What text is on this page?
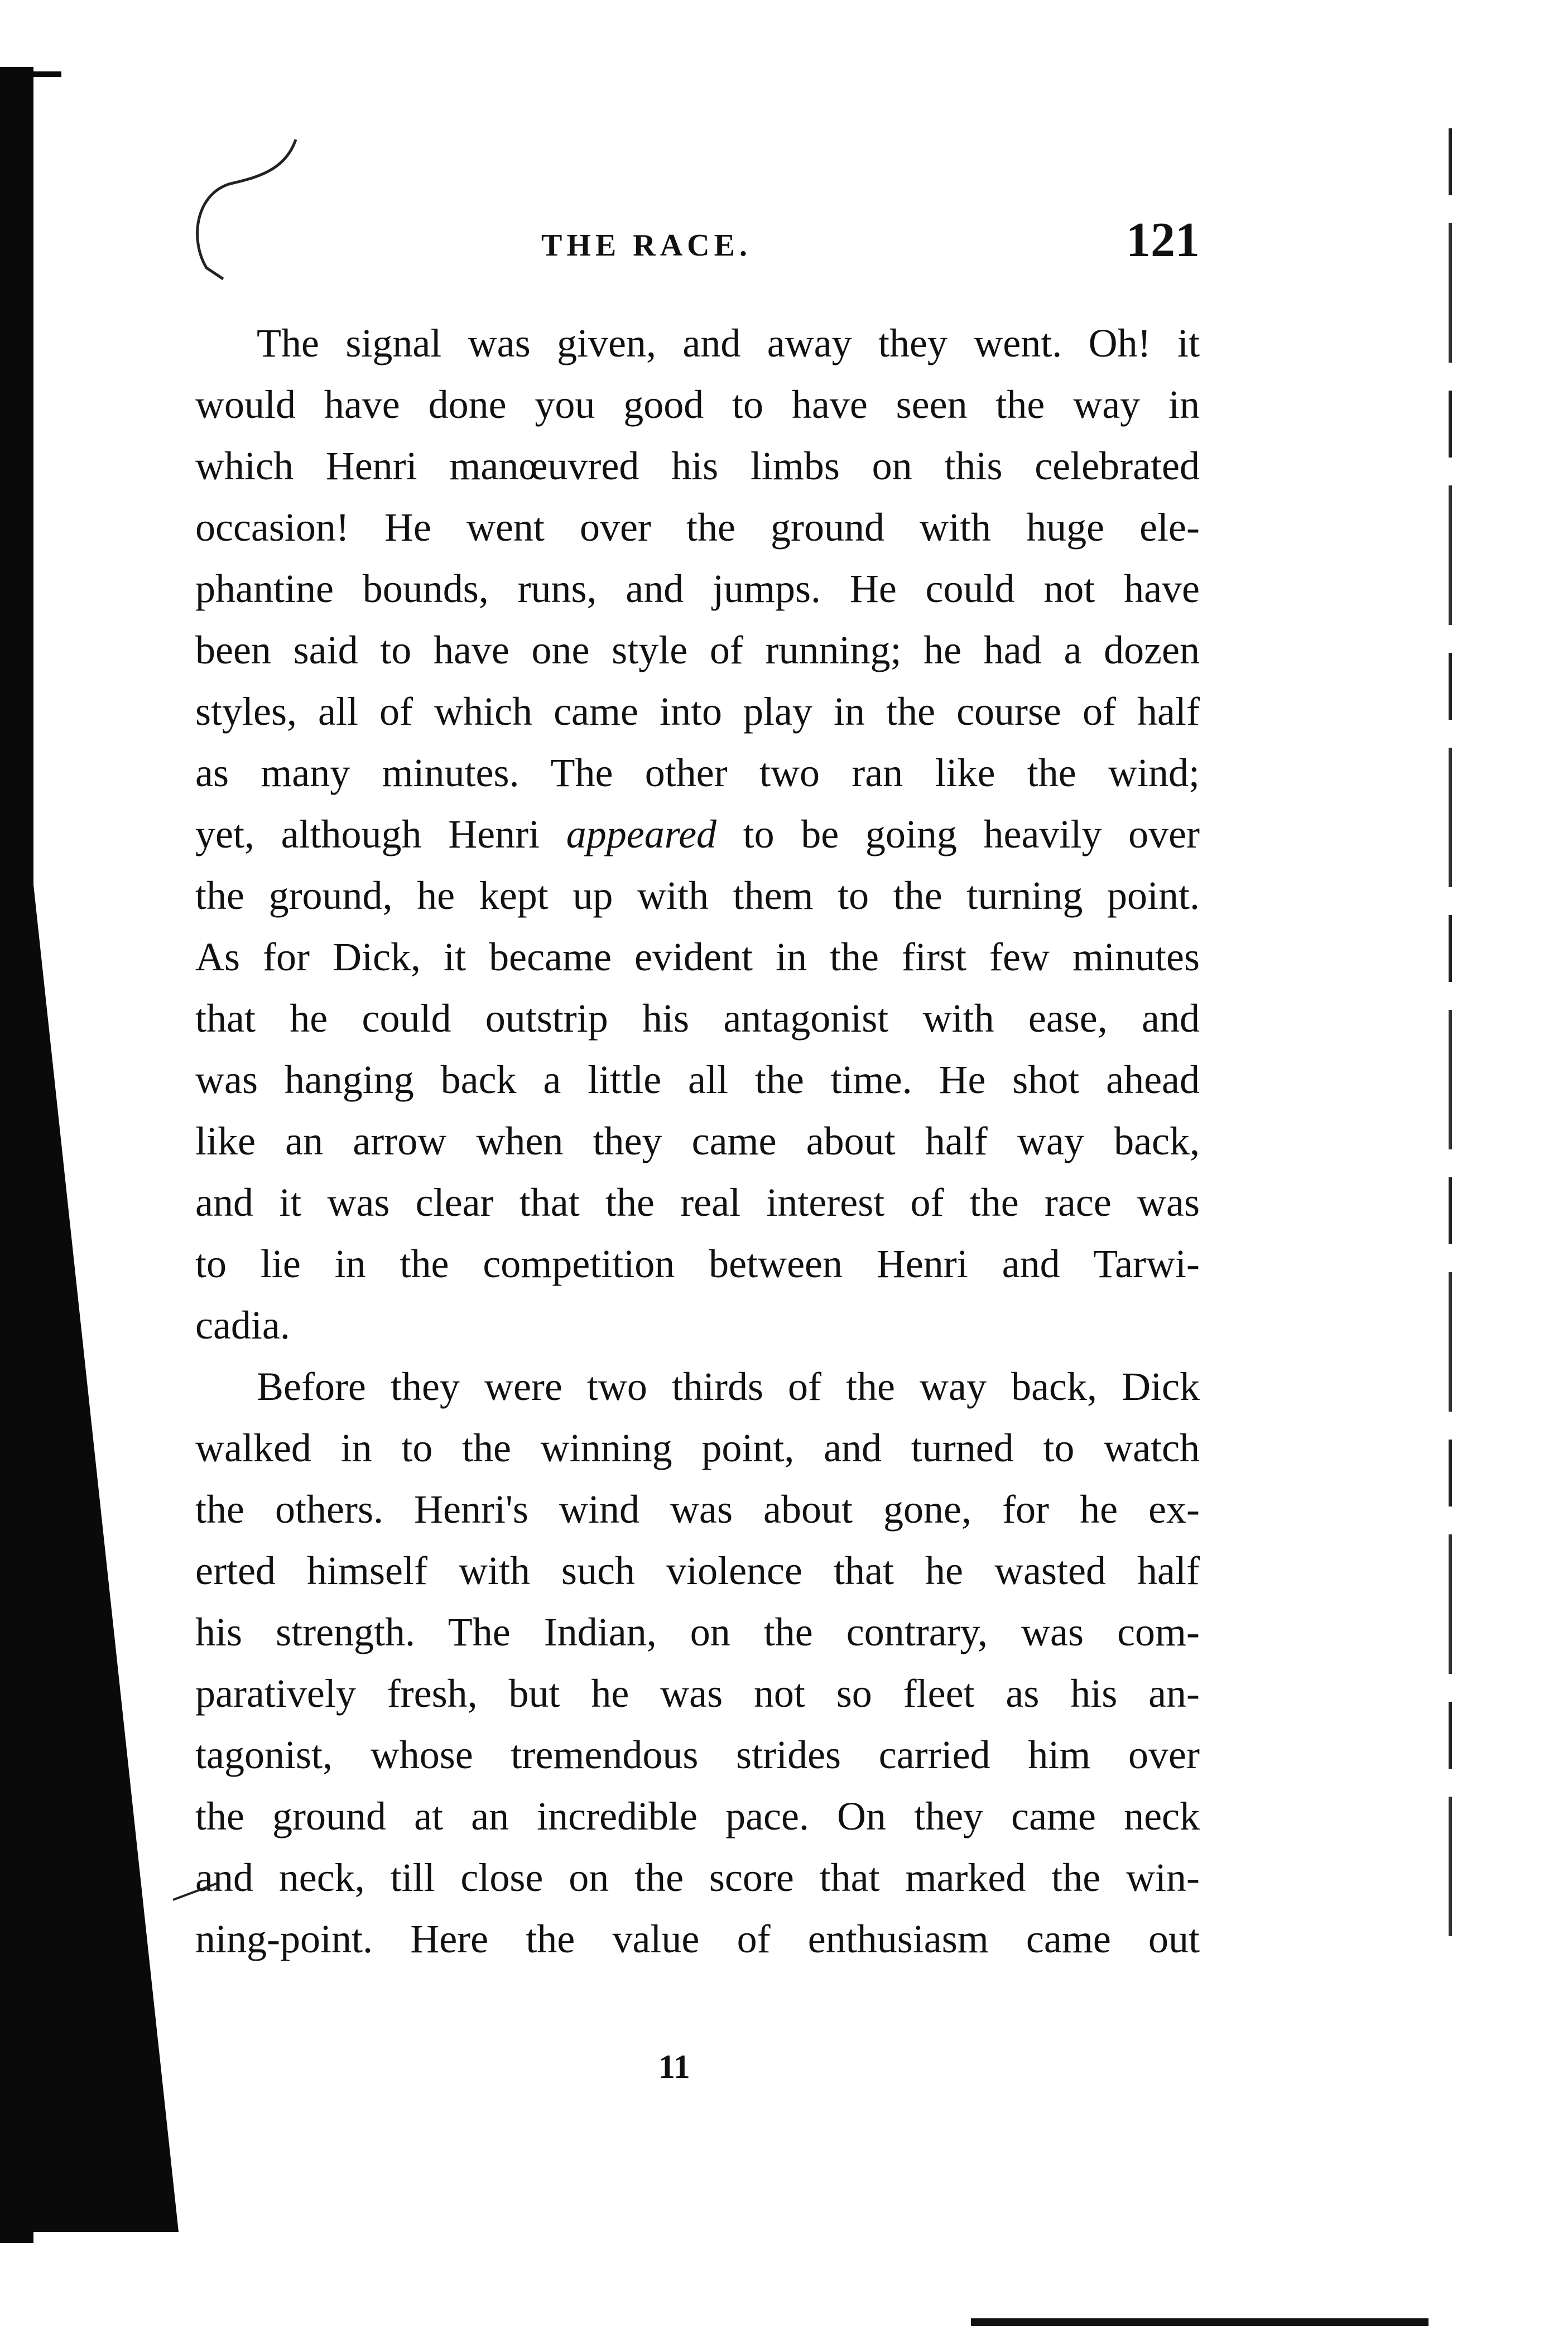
THE RACE.	121
The signal was given, and away they went. Oh! it
would have done you good to have seen the way in
which Henri manœuvred his limbs on this celebrated
occasion! He went over the ground with huge ele-
phantine bounds, runs, and jumps. He could not have
been said to have one style of running; he had a dozen
styles, all of which came into play in the course of half
as many minutes. The other two ran like the wind;
yet, although Henri appeared to be going heavily over
the ground, he kept up with them to the turning point.
As for Dick, it became evident in the first few minutes
that he could outstrip his antagonist with ease, and
was hanging back a little all the time. He shot ahead
like an arrow when they came about half way back,
and it was clear that the real interest of the race was
to lie in the competition between Henri and Tarwi-
cadia.
Before they were two thirds of the way back, Dick
walked in to the winning point, and turned to watch
the others. Henri's wind was about gone, for he ex-
erted himself with such violence that he wasted half
his strength. The Indian, on the contrary, was com-
paratively fresh, but he was not so fleet as his an-
tagonist, whose tremendous strides carried him over
the ground at an incredible pace. On they came neck
and neck, till close on the score that marked the win-
ning-point. Here the value of enthusiasm came out
11
